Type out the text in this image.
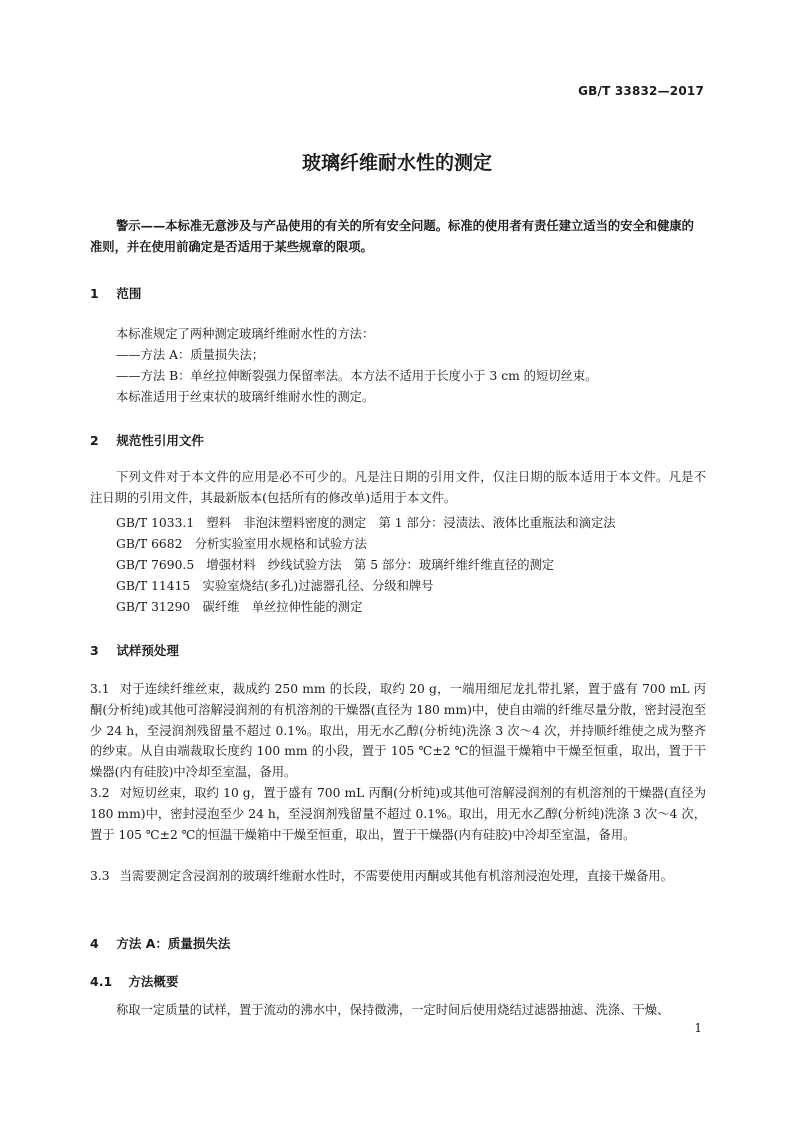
GB/T 33832—2017
玻璃纤维耐水性的测定
警示——本标准无意涉及与产品使用的有关的所有安全问题。标准的使用者有责任建立适当的安全和健康的准则，并在使用前确定是否适用于某些规章的限项。
1 范围
本标准规定了两种测定玻璃纤维耐水性的方法：
——方法 A：质量损失法；
——方法 B：单丝拉伸断裂强力保留率法。本方法不适用于长度小于 3 cm 的短切丝束。
本标准适用于丝束状的玻璃纤维耐水性的测定。
2 规范性引用文件
下列文件对于本文件的应用是必不可少的。凡是注日期的引用文件，仅注日期的版本适用于本文件。凡是不注日期的引用文件，其最新版本(包括所有的修改单)适用于本文件。
GB/T 1033.1　塑料　非泡沫塑料密度的测定　第 1 部分：浸渍法、液体比重瓶法和滴定法
GB/T 6682　分析实验室用水规格和试验方法
GB/T 7690.5　增强材料　纱线试验方法　第 5 部分：玻璃纤维纤维直径的测定
GB/T 11415　实验室烧结(多孔)过滤器孔径、分级和牌号
GB/T 31290　碳纤维　单丝拉伸性能的测定
3 试样预处理
3.1 对于连续纤维丝束，裁成约 250 mm 的长段，取约 20 g，一端用细尼龙扎带扎紧，置于盛有 700 mL 丙酮(分析纯)或其他可溶解浸润剂的有机溶剂的干燥器(直径为 180 mm)中，使自由端的纤维尽量分散，密封浸泡至少 24 h，至浸润剂残留量不超过 0.1%。取出，用无水乙醇(分析纯)洗涤 3 次～4 次，并持顺纤维使之成为整齐的纱束。从自由端裁取长度约 100 mm 的小段，置于 105 ℃±2 ℃的恒温干燥箱中干燥至恒重，取出，置于干燥器(内有硅胶)中冷却至室温，备用。
3.2 对短切丝束，取约 10 g，置于盛有 700 mL 丙酮(分析纯)或其他可溶解浸润剂的有机溶剂的干燥器(直径为 180 mm)中，密封浸泡至少 24 h，至浸润剂残留量不超过 0.1%。取出，用无水乙醇(分析纯)洗涤 3 次～4 次，置于 105 ℃±2 ℃的恒温干燥箱中干燥至恒重，取出，置于干燥器(内有硅胶)中冷却至室温，备用。
3.3 当需要测定含浸润剂的玻璃纤维耐水性时，不需要使用丙酮或其他有机溶剂浸泡处理，直接干燥备用。
4 方法 A：质量损失法
4.1 方法概要
称取一定质量的试样，置于流动的沸水中，保持微沸，一定时间后使用烧结过滤器抽滤、洗涤、干燥、
1
